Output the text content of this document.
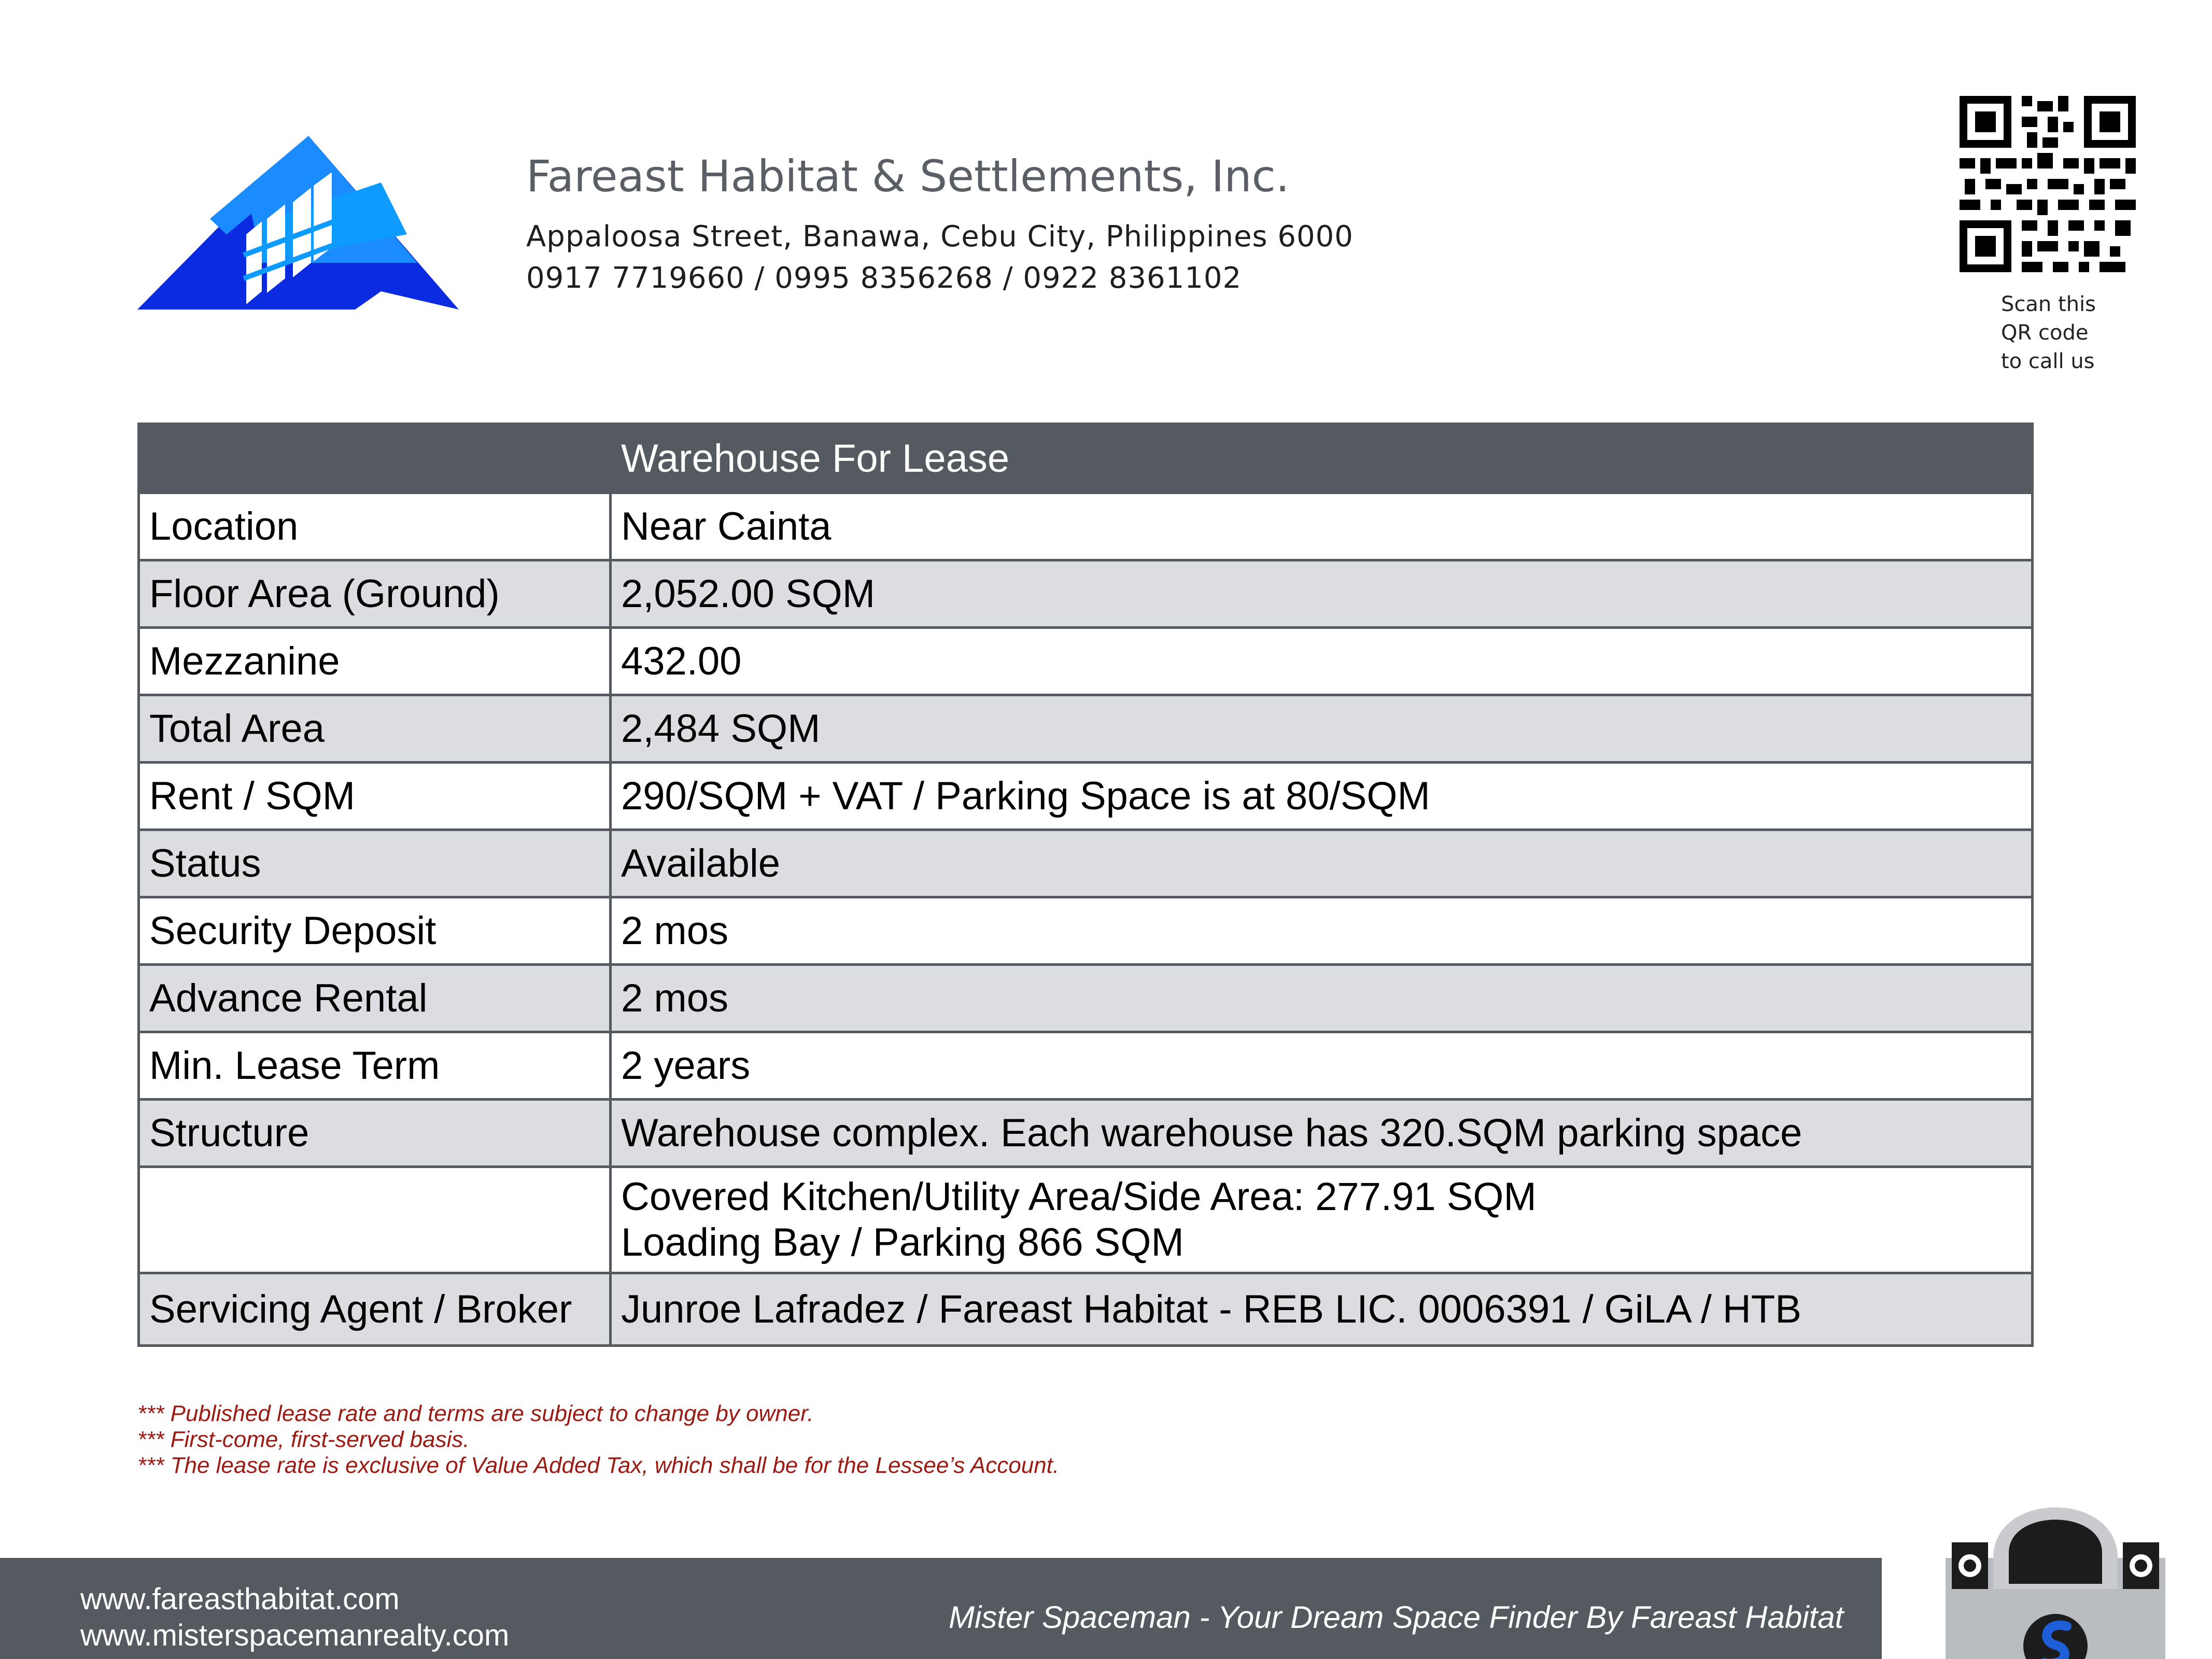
Fareast Habitat & Settlements, Inc.

Appaloosa Street, Banawa, Cebu City, Philippines 6000

0917 7719660 / 0995 8356268 / 0922 8361102

Scan this
QR code
to call us
	Warehouse For Lease
Location	Near Cainta
Floor Area (Ground)	2,052.00 SQM
Mezzanine	432.00
Total Area	2,484 SQM
Rent / SQM	290/SQM + VAT / Parking Space is at 80/SQM
Status	Available
Security Deposit	2 mos
Advance Rental	2 mos
Min. Lease Term	2 years
Structure	Warehouse complex. Each warehouse has 320.SQM parking space

	Covered Kitchen/Utility Area/Side Area: 277.91 SQM
Loading Bay / Parking 866 SQM

Servicing Agent / Broker	Junroe Lafradez / Fareast Habitat - REB LIC. 0006391 / GiLA / HTB
*** Published lease rate and terms are subject to change by owner.
*** First-come, first-served basis.
*** The lease rate is exclusive of Value Added Tax, which shall be for the Lessee’s Account.
www.fareasthabitat.com
www.misterspacemanrealty.com
Mister Spaceman - Your Dream Space Finder By Fareast Habitat
